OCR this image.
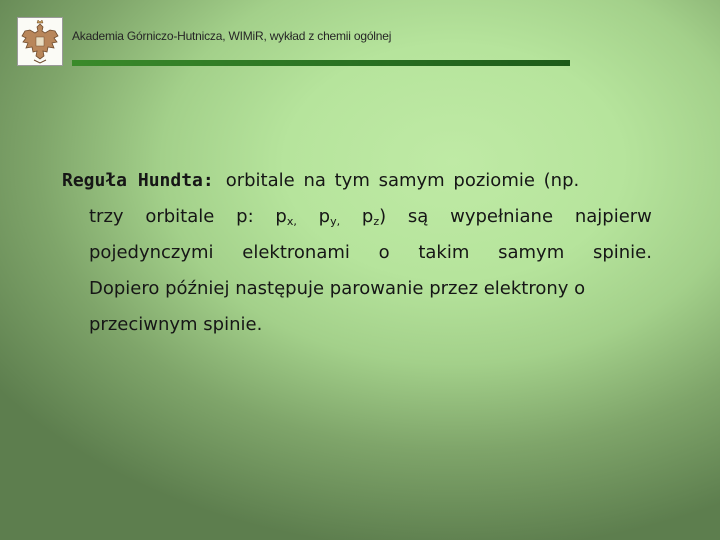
Akademia Górniczo-Hutnicza, WIMiR, wykład z chemii ogólnej
Reguła Hundta: orbitale na tym samym poziomie (np.
trzy orbitale p: $p_{x,}$ $p_{y,}$ $p_z$) są wypełniane najpierw
pojedynczymi elektronami o takim samym spinie.
Dopiero później następuje parowanie przez elektrony o
przeciwnym spinie.
